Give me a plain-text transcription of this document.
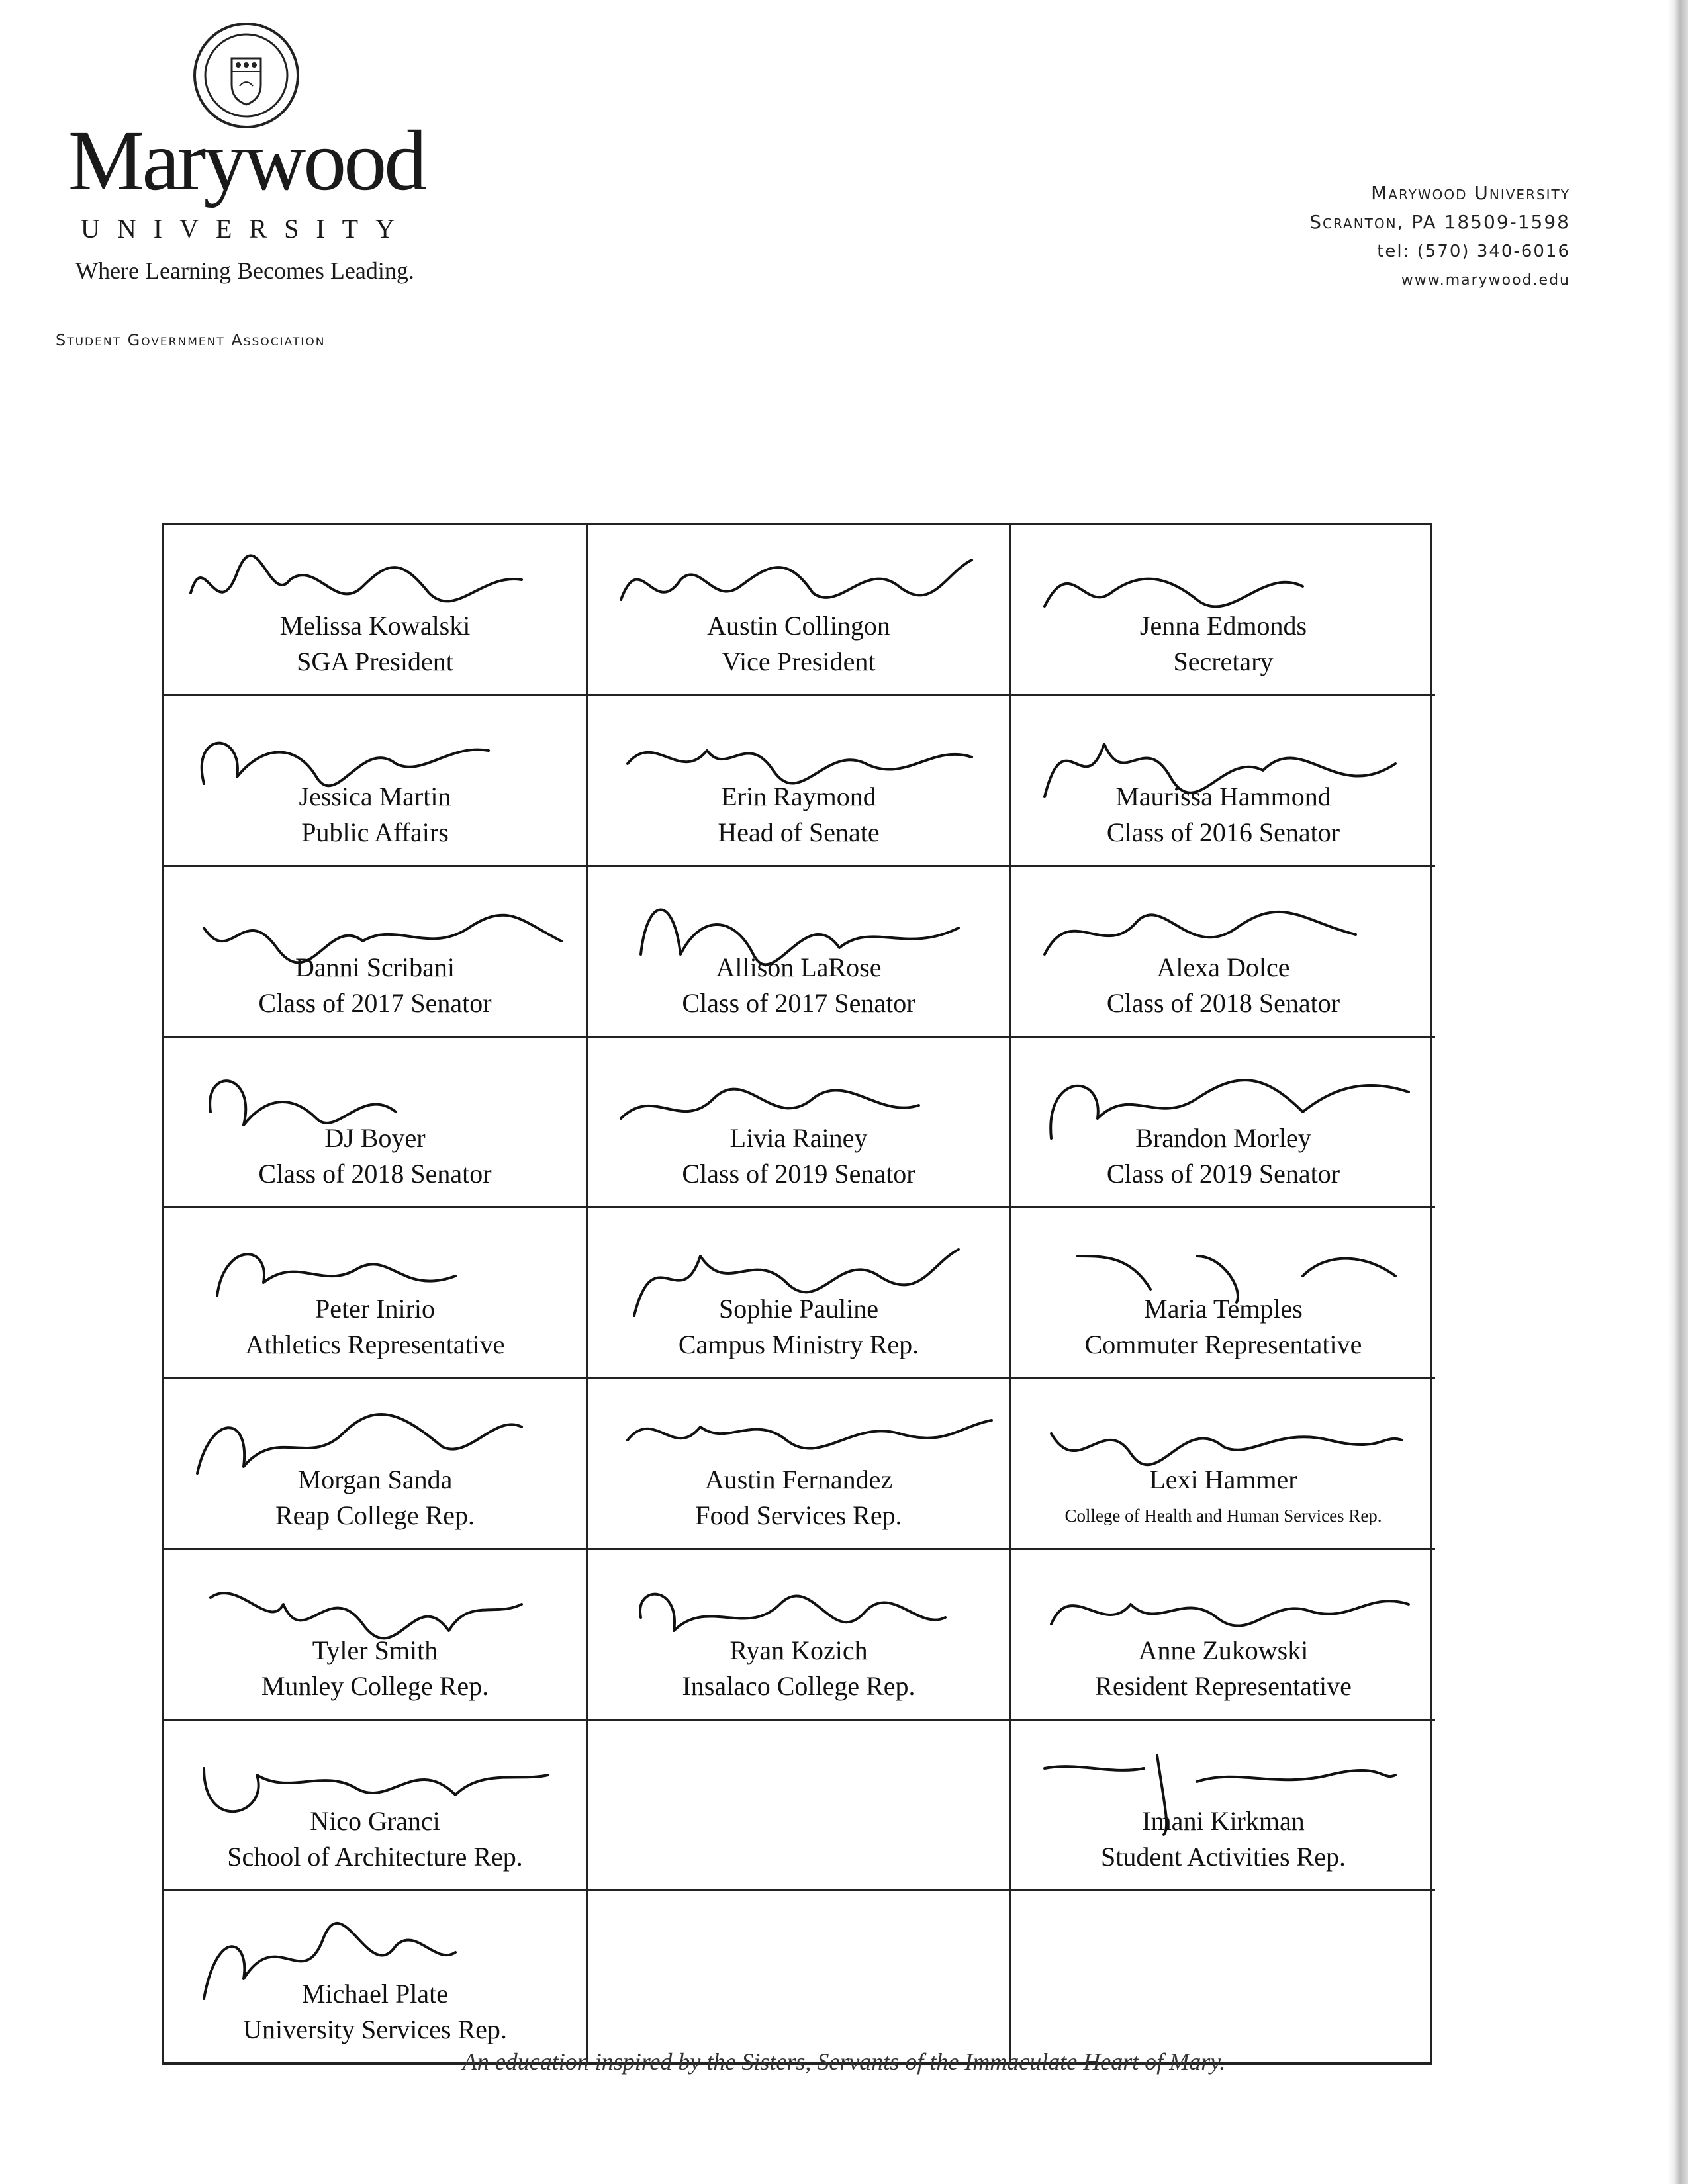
Marywood
UNIVERSITY
Where Learning Becomes Leading.
Student Government Association
Marywood University
Scranton, PA 18509-1598
tel: (570) 340-6016
www.marywood.edu
Melissa Kowalski
SGA President
Austin Collingon
Vice President
Jenna Edmonds
Secretary
Jessica Martin
Public Affairs
Erin Raymond
Head of Senate
Maurissa Hammond
Class of 2016 Senator
Danni Scribani
Class of 2017 Senator
Allison LaRose
Class of 2017 Senator
Alexa Dolce
Class of 2018 Senator
DJ Boyer
Class of 2018 Senator
Livia Rainey
Class of 2019 Senator
Brandon Morley
Class of 2019 Senator
Peter Inirio
Athletics Representative
Sophie Pauline
Campus Ministry Rep.
Maria Temples
Commuter Representative
Morgan Sanda
Reap College Rep.
Austin Fernandez
Food Services Rep.
Lexi Hammer
College of Health and Human Services Rep.
Tyler Smith
Munley College Rep.
Ryan Kozich
Insalaco College Rep.
Anne Zukowski
Resident Representative
Nico Granci
School of Architecture Rep.
Imani Kirkman
Student Activities Rep.
Michael Plate
University Services Rep.
An education inspired by the Sisters, Servants of the Immaculate Heart of Mary.
